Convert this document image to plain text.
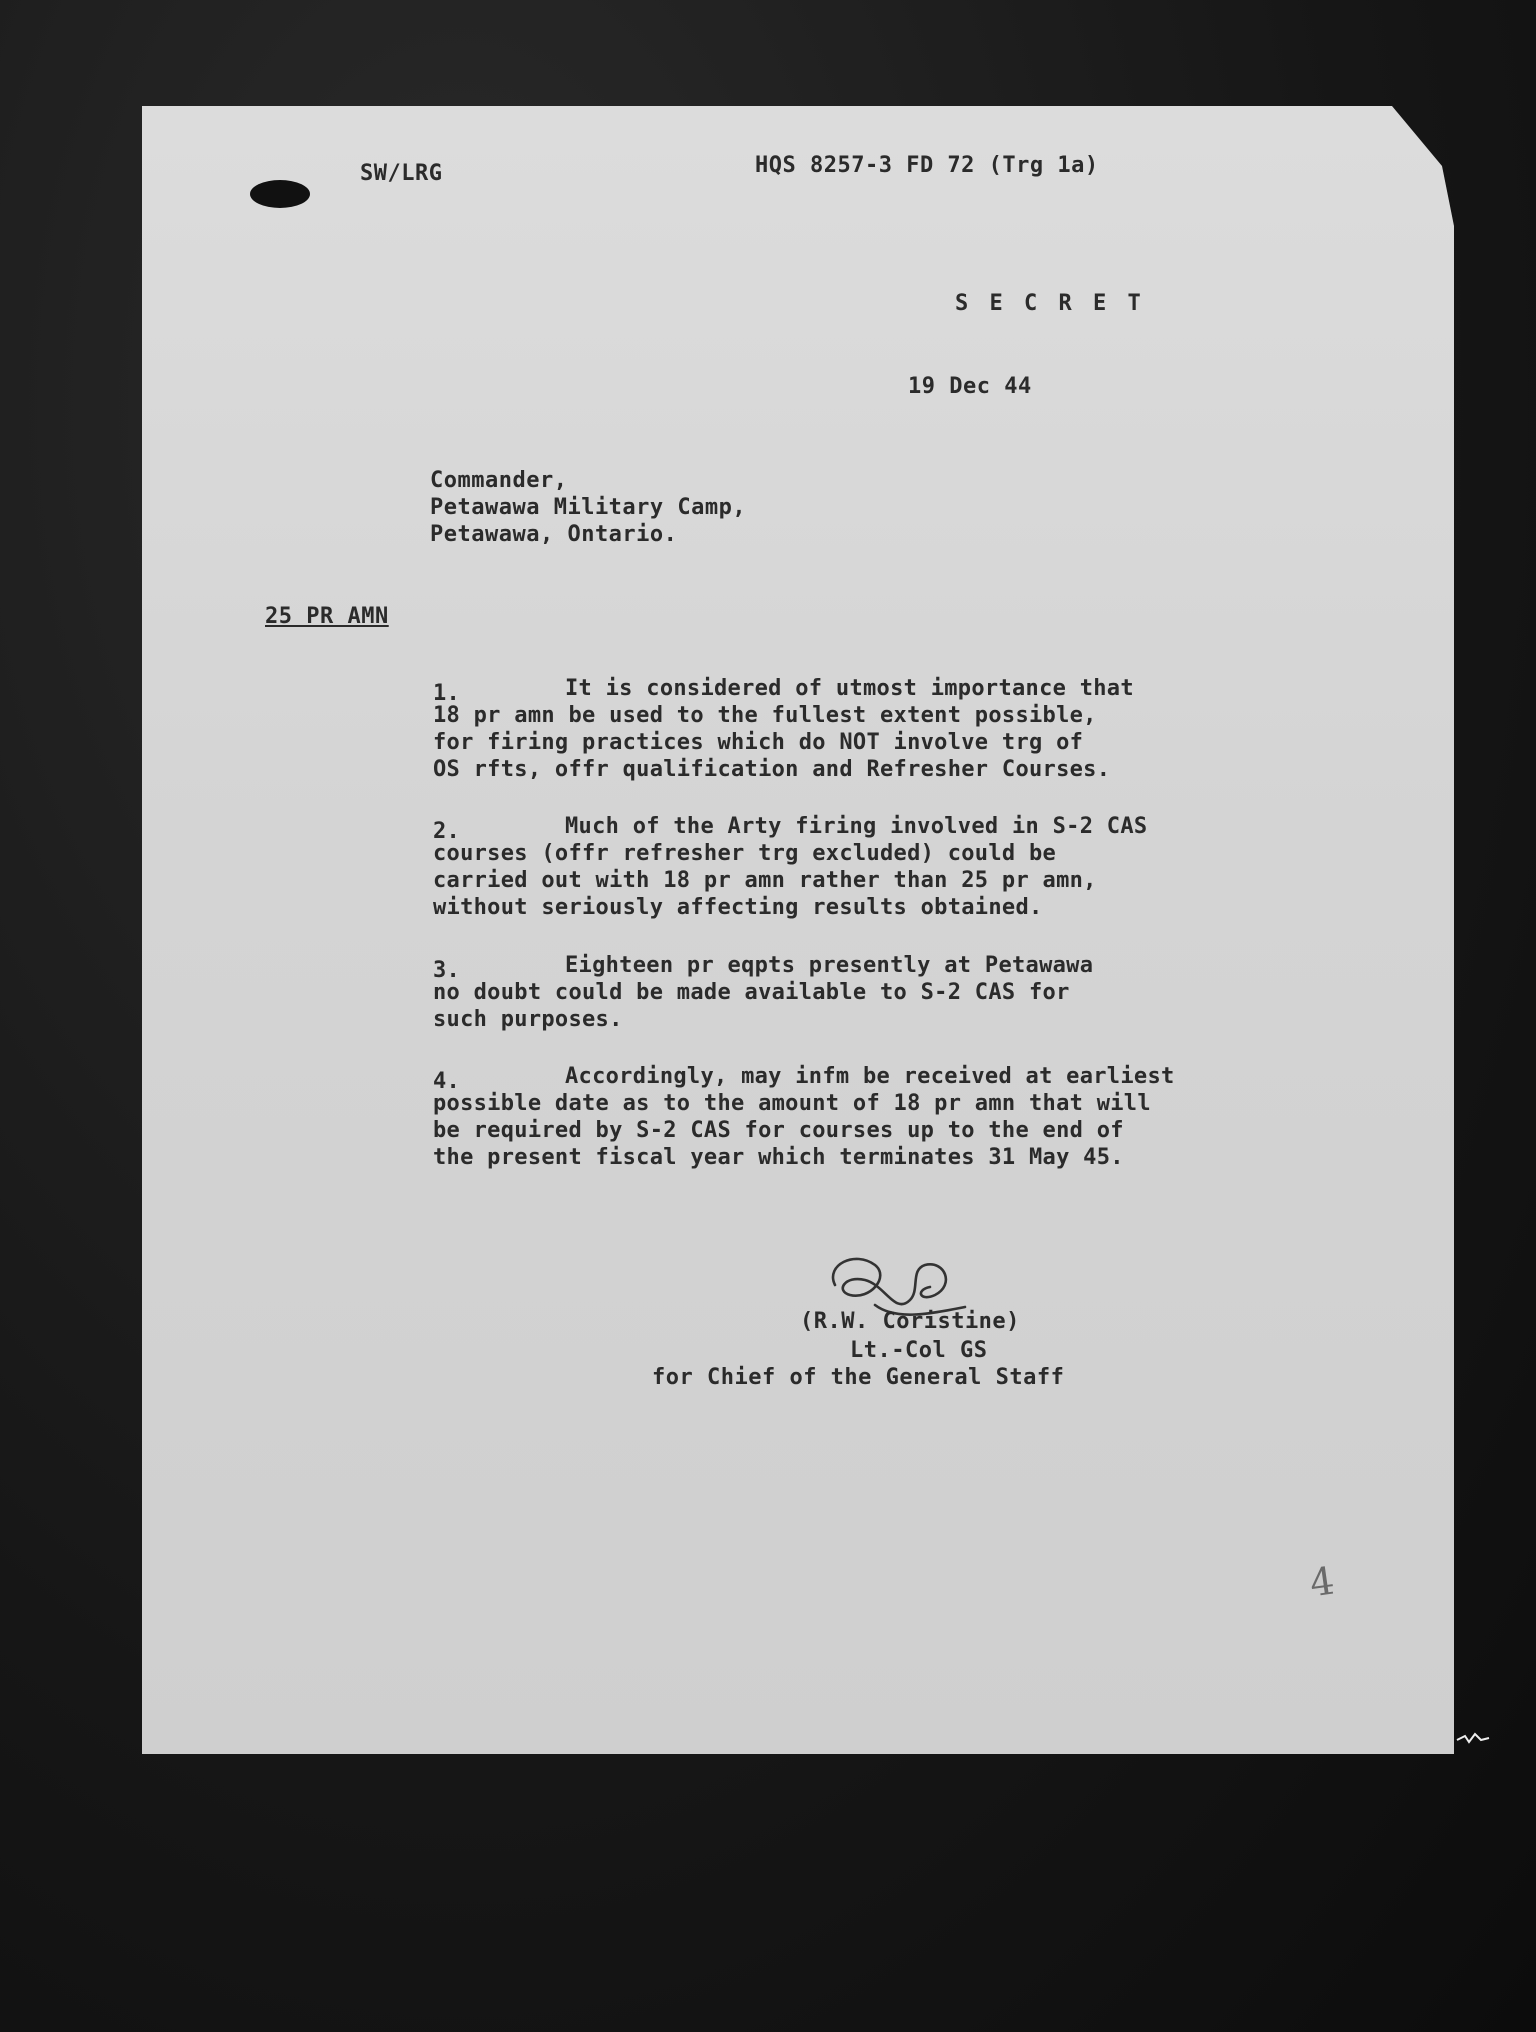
SW/LRG	HQS 8257-3 FD 72 (Trg 1a)
S E C R E T
19 Dec 44
Commander,
Petawawa Military Camp,
Petawawa, Ontario.
25 PR AMN
1.	It is considered of utmost importance that
18 pr amn be used to the fullest extent possible,
for firing practices which do NOT involve trg of
OS rfts, offr qualification and Refresher Courses.
2.	Much of the Arty firing involved in S-2 CAS
courses (offr refresher trg excluded) could be
carried out with 18 pr amn rather than 25 pr amn,
without seriously affecting results obtained.
3.	Eighteen pr eqpts presently at Petawawa
no doubt could be made available to S-2 CAS for
such purposes.
4.	Accordingly, may infm be received at earliest
possible date as to the amount of 18 pr amn that will
be required by S-2 CAS for courses up to the end of
the present fiscal year which terminates 31 May 45.
(R.W. Coristine)
Lt.-Col GS
for Chief of the General Staff
4
